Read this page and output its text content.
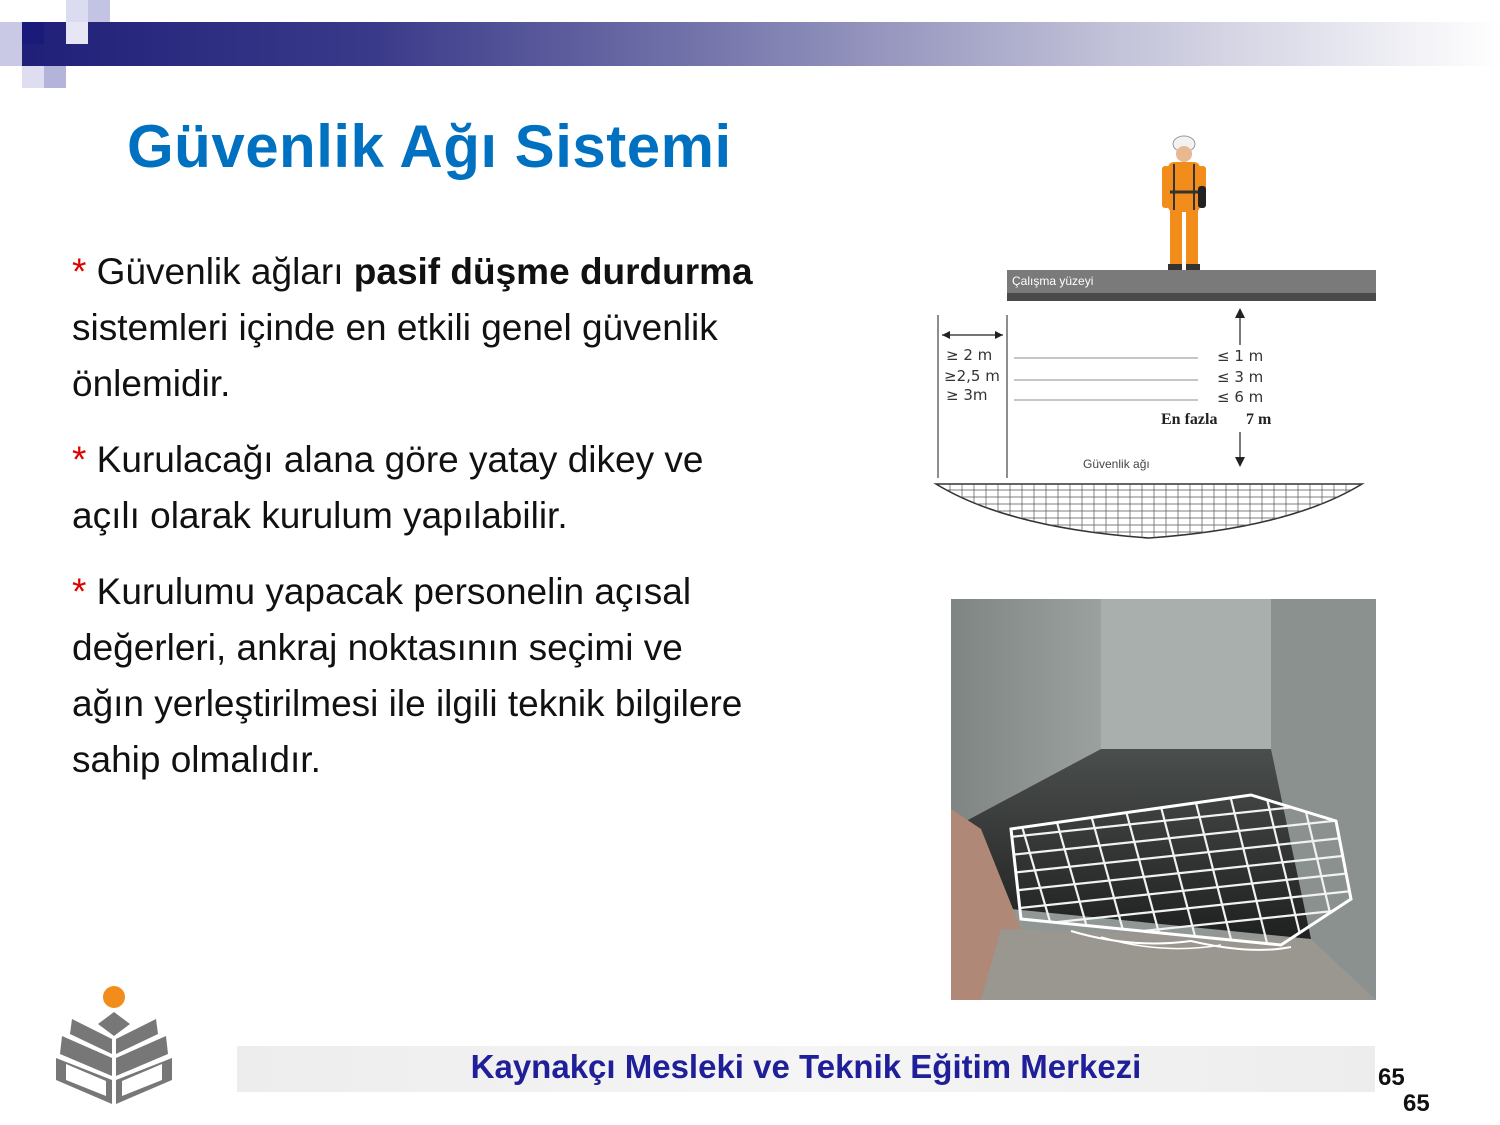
Güvenlik Ağı Sistemi

* Güvenlik ağları pasif düşme durdurma sistemleri içinde en etkili genel güvenlik önlemidir.

* Kurulacağı alana göre yatay dikey ve açılı olarak kurulum yapılabilir.

* Kurulumu yapacak personelin açısal değerleri, ankraj noktasının seçimi ve ağın yerleştirilmesi ile ilgili teknik bilgilere sahip olmalıdır.

Çalışma yüzeyi
≥ 2 m
≥2,5 m
≥ 3m
≤ 1 m
≤ 3 m
≤ 6 m
En fazla 7 m
Güvenlik ağı
Kaynakçı Mesleki ve Teknik Eğitim Merkezi	65
65
